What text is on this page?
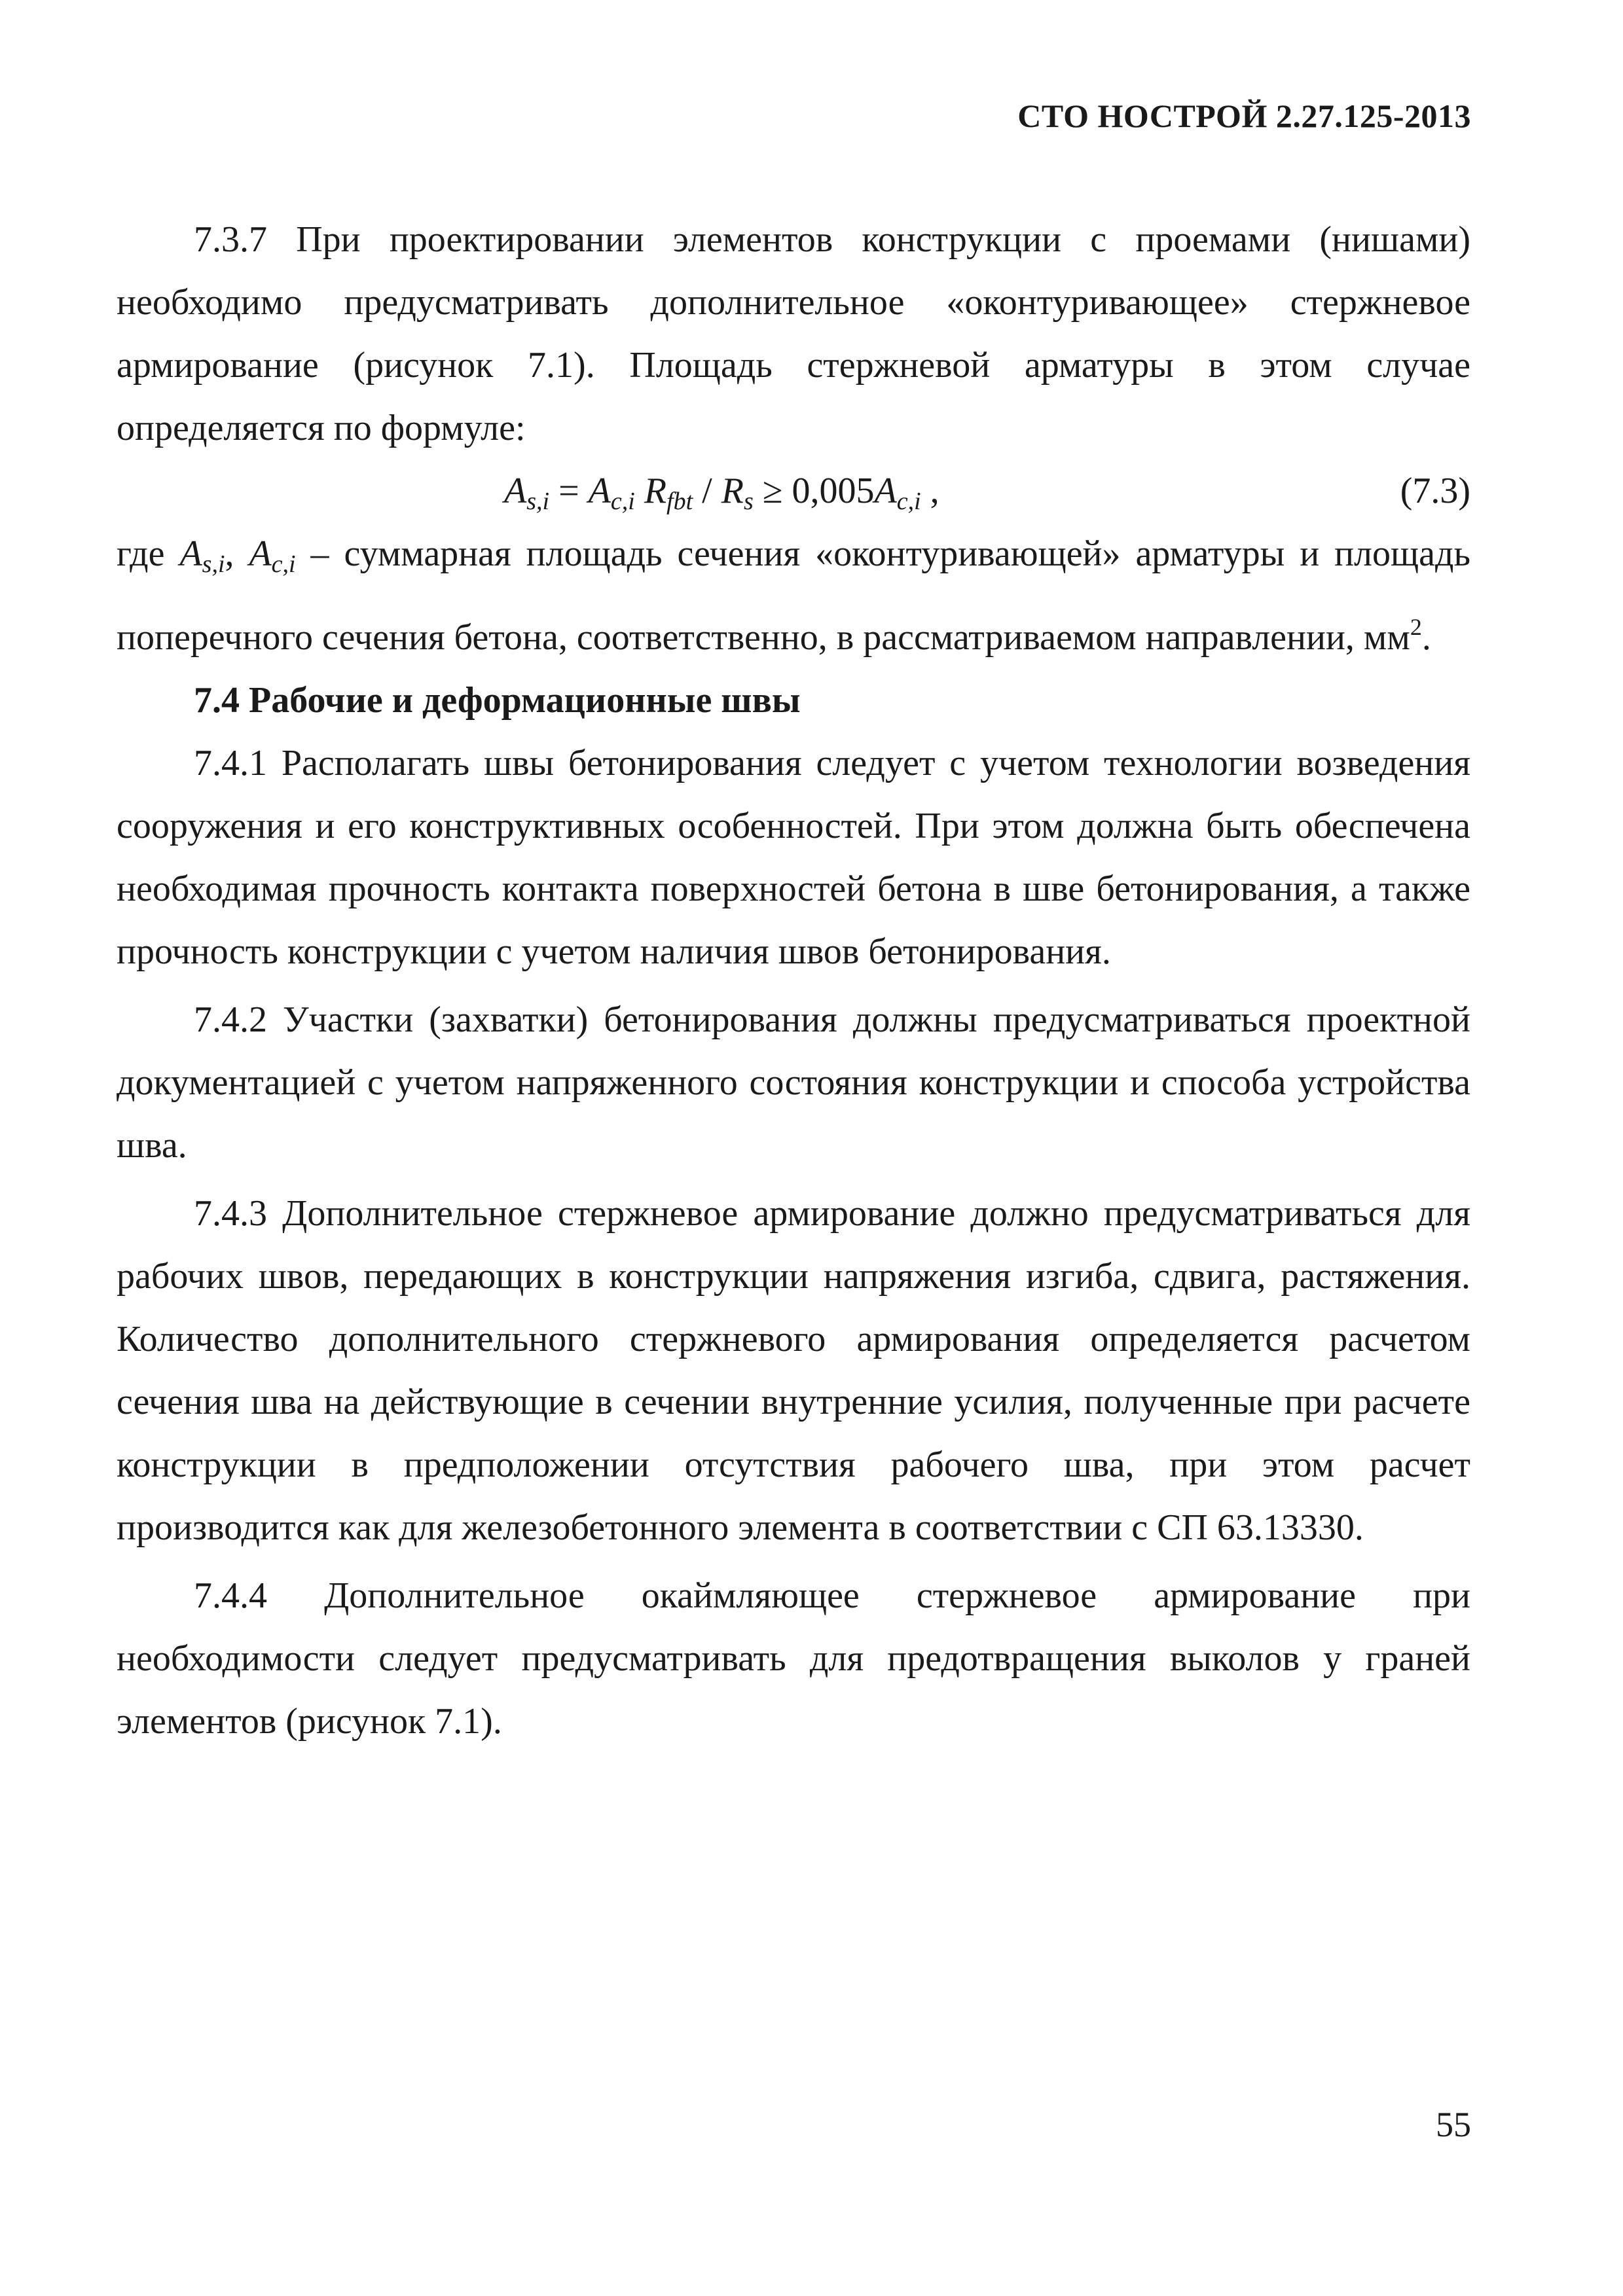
СТО НОСТРОЙ 2.27.125-2013

7.3.7 При проектировании элементов конструкции с проемами (нишами) необходимо предусматривать дополнительное «оконтуривающее» стержневое армирование (рисунок 7.1). Площадь стержневой арматуры в этом случае определяется по формуле:

$A_{s,i} = A_{c,i}$ $R_{fbt} / R_s \ge 0,005A_{c,i}$ ,	(7.3)

где $A_{s,i}$, $A_{c,i}$ – суммарная площадь сечения «оконтуривающей» арматуры и площадь поперечного сечения бетона, соответственно, в рассматриваемом направлении, $мм^2$.

7.4 Рабочие и деформационные швы

7.4.1 Располагать швы бетонирования следует с учетом технологии возведения сооружения и его конструктивных особенностей. При этом должна быть обеспечена необходимая прочность контакта поверхностей бетона в шве бетонирования, а также прочность конструкции с учетом наличия швов бетонирования.

7.4.2 Участки (захватки) бетонирования должны предусматриваться проектной документацией с учетом напряженного состояния конструкции и способа устройства шва.

7.4.3 Дополнительное стержневое армирование должно предусматриваться для рабочих швов, передающих в конструкции напряжения изгиба, сдвига, растяжения. Количество дополнительного стержневого армирования определяется расчетом сечения шва на действующие в сечении внутренние усилия, полученные при расчете конструкции в предположении отсутствия рабочего шва, при этом расчет производится как для железобетонного элемента в соответствии с СП 63.13330.

7.4.4 Дополнительное окаймляющее стержневое армирование при необходимости следует предусматривать для предотвращения выколов у граней элементов (рисунок 7.1).

55
